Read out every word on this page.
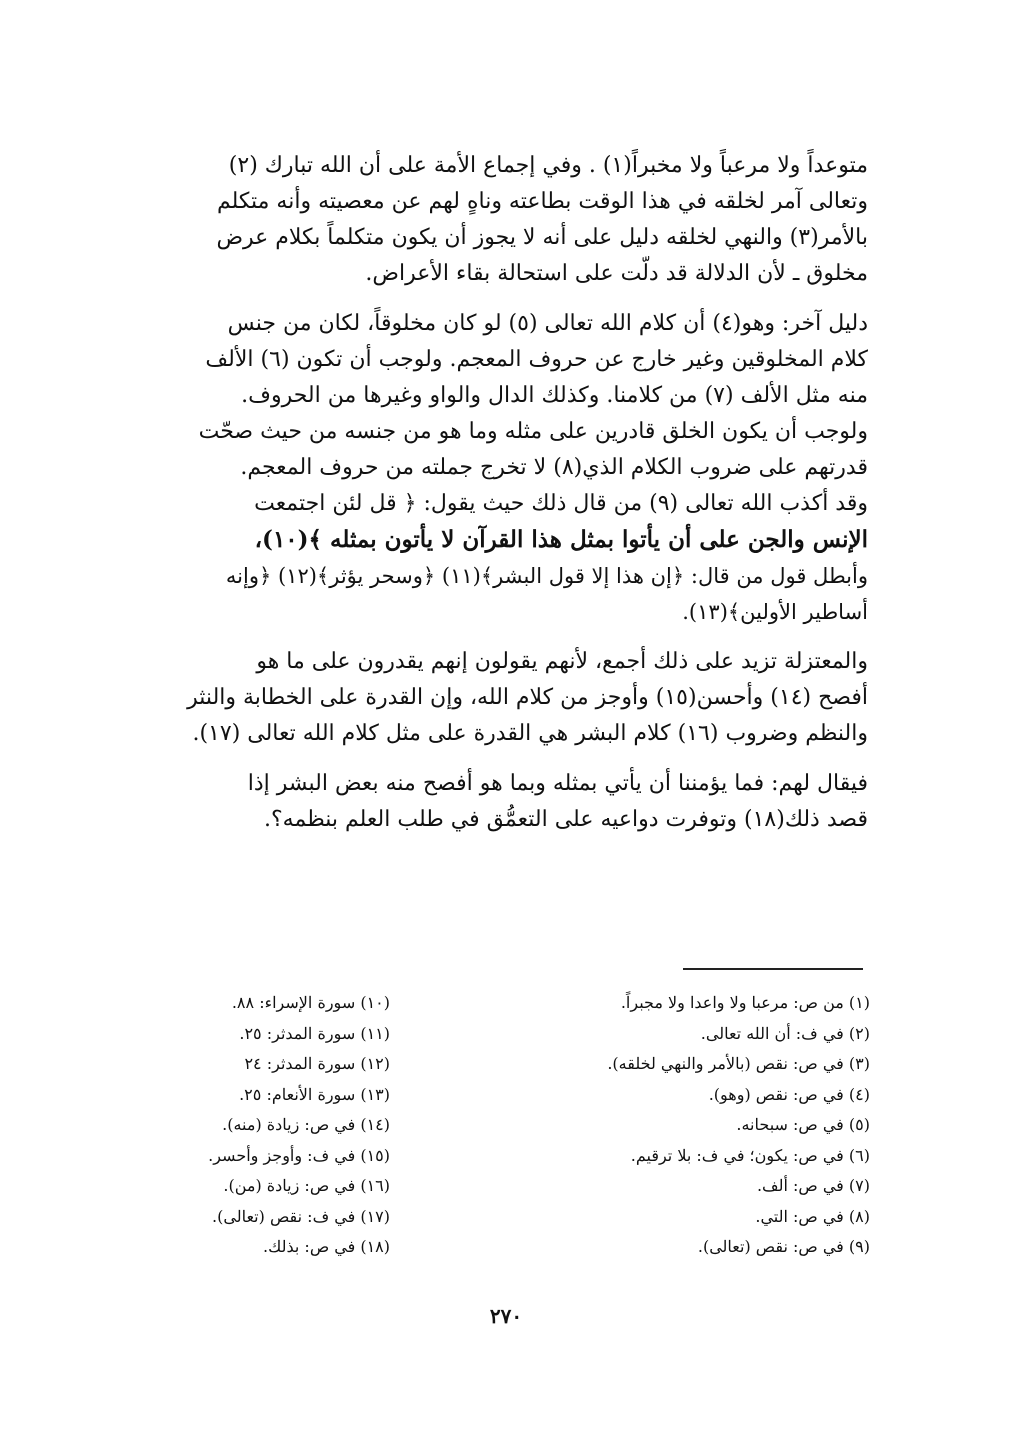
متوعداً ولا مرعباً ولا مخبراً(١) . وفي إجماع الأمة على أن الله تبارك (٢)
وتعالى آمر لخلقه في هذا الوقت بطاعته وناهٍ لهم عن معصيته وأنه متكلم
بالأمر(٣) والنهي لخلقه دليل على أنه لا يجوز أن يكون متكلماً بكلام عرض
مخلوق ـ لأن الدلالة قد دلّت على استحالة بقاء الأعراض.
دليل آخر: وهو(٤) أن كلام الله تعالى (٥) لو كان مخلوقاً، لكان من جنس
كلام المخلوقين وغير خارج عن حروف المعجم. ولوجب أن تكون (٦) الألف
منه مثل الألف (٧) من كلامنا. وكذلك الدال والواو وغيرها من الحروف.
ولوجب أن يكون الخلق قادرين على مثله وما هو من جنسه من حيث صحّت
قدرتهم على ضروب الكلام الذي(٨) لا تخرج جملته من حروف المعجم.
وقد أكذب الله تعالى (٩) من قال ذلك حيث يقول: ﴿ قل لئن اجتمعت
الإنس والجن على أن يأتوا بمثل هذا القرآن لا يأتون بمثله ﴾(١٠)،
وأبطل قول من قال: ﴿إن هذا إلا قول البشر﴾(١١) ﴿وسحر يؤثر﴾(١٢) ﴿وإنه
أساطير الأولين﴾(١٣).
والمعتزلة تزيد على ذلك أجمع، لأنهم يقولون إنهم يقدرون على ما هو
أفصح (١٤) وأحسن(١٥) وأوجز من كلام الله، وإن القدرة على الخطابة والنثر
والنظم وضروب (١٦) كلام البشر هي القدرة على مثل كلام الله تعالى (١٧).
فيقال لهم: فما يؤمننا أن يأتي بمثله وبما هو أفصح منه بعض البشر إذا
قصد ذلك(١٨) وتوفرت دواعيه على التعمُّق في طلب العلم بنظمه؟.
(١) من ص: مرعبا ولا واعدا ولا مجبراً.
(٢) في ف: أن الله تعالى.
(٣) في ص: نقص (بالأمر والنهي لخلقه).
(٤) في ص: نقص (وهو).
(٥) في ص: سبحانه.
(٦) في ص: يكون؛ في ف: بلا ترقيم.
(٧) في ص: ألف.
(٨) في ص: التي.
(٩) في ص: نقص (تعالى).
(١٠) سورة الإسراء: ٨٨.
(١١) سورة المدثر: ٢٥.
(١٢) سورة المدثر: ٢٤
(١٣) سورة الأنعام: ٢٥.
(١٤) في ص: زيادة (منه).
(١٥) في ف: وأوجز وأحسر.
(١٦) في ص: زيادة (من).
(١٧) في ف: نقص (تعالى).
(١٨) في ص: بذلك.
٢٧٠
